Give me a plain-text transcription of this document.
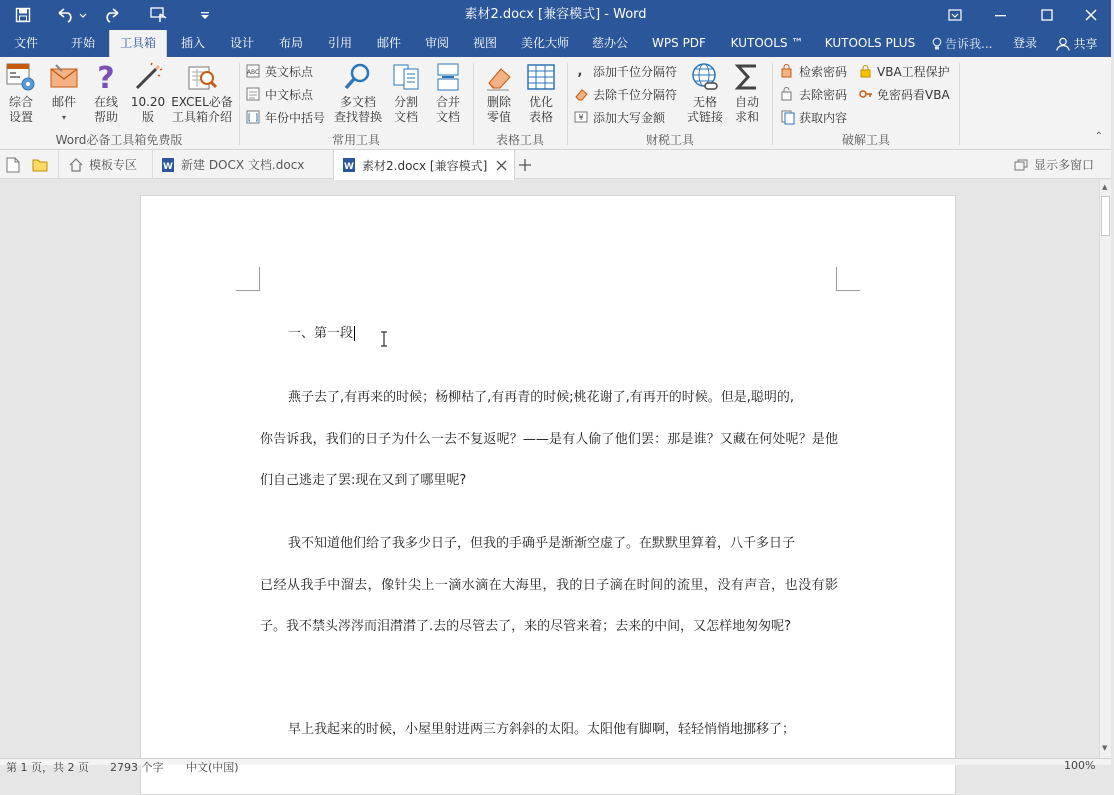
素材2.docx [兼容模式] - Word
文件	开始	工具箱	插入	设计	布局	引用	邮件	审阅	视图	美化大师	慈办公	WPS PDF	KUTOOLS ™	KUTOOLS PLUS	告诉我...	登录	共享
综合
设置
邮件
▾
?
在线
帮助
10.20
版
EXCEL必备
工具箱介绍
Word必备工具箱免费版
ABC 英文标点
中文标点
年份中括号
多文档
查找替换
分割
文档
合并
文档
常用工具
删除
零值
优化
表格
表格工具
, 添加千位分隔符
去除千位分隔符
¥ 添加大写金额
无格
式链接
自动
求和
财税工具
检索密码
去除密码
获取内容
VBA工程保护
免密码看VBA
破解工具	⌃
模板专区	W 新建 DOCX 文档.docx	W 素材2.docx [兼容模式]	显示多窗口
一、第一段
燕子去了,有再来的时候；杨柳枯了,有再青的时候;桃花谢了,有再开的时候。但是,聪明的,
你告诉我，我们的日子为什么一去不复返呢？——是有人偷了他们罢：那是谁？又藏在何处呢？是他们自己逃走了罢:现在又到了哪里呢?
我不知道他们给了我多少日子，但我的手确乎是渐渐空虚了。在默默里算着，八千多日子
已经从我手中溜去，像针尖上一滴水滴在大海里，我的日子滴在时间的流里，没有声音，也没有影子。我不禁头涔涔而泪潸潸了.去的尽管去了，来的尽管来着；去来的中间，又怎样地匆匆呢?
早上我起来的时候，小屋里射进两三方斜斜的太阳。太阳他有脚啊，轻轻悄悄地挪移了；
▲
▼
第 1 页，共 2 页 2793 个字 中文(中国)	100%
